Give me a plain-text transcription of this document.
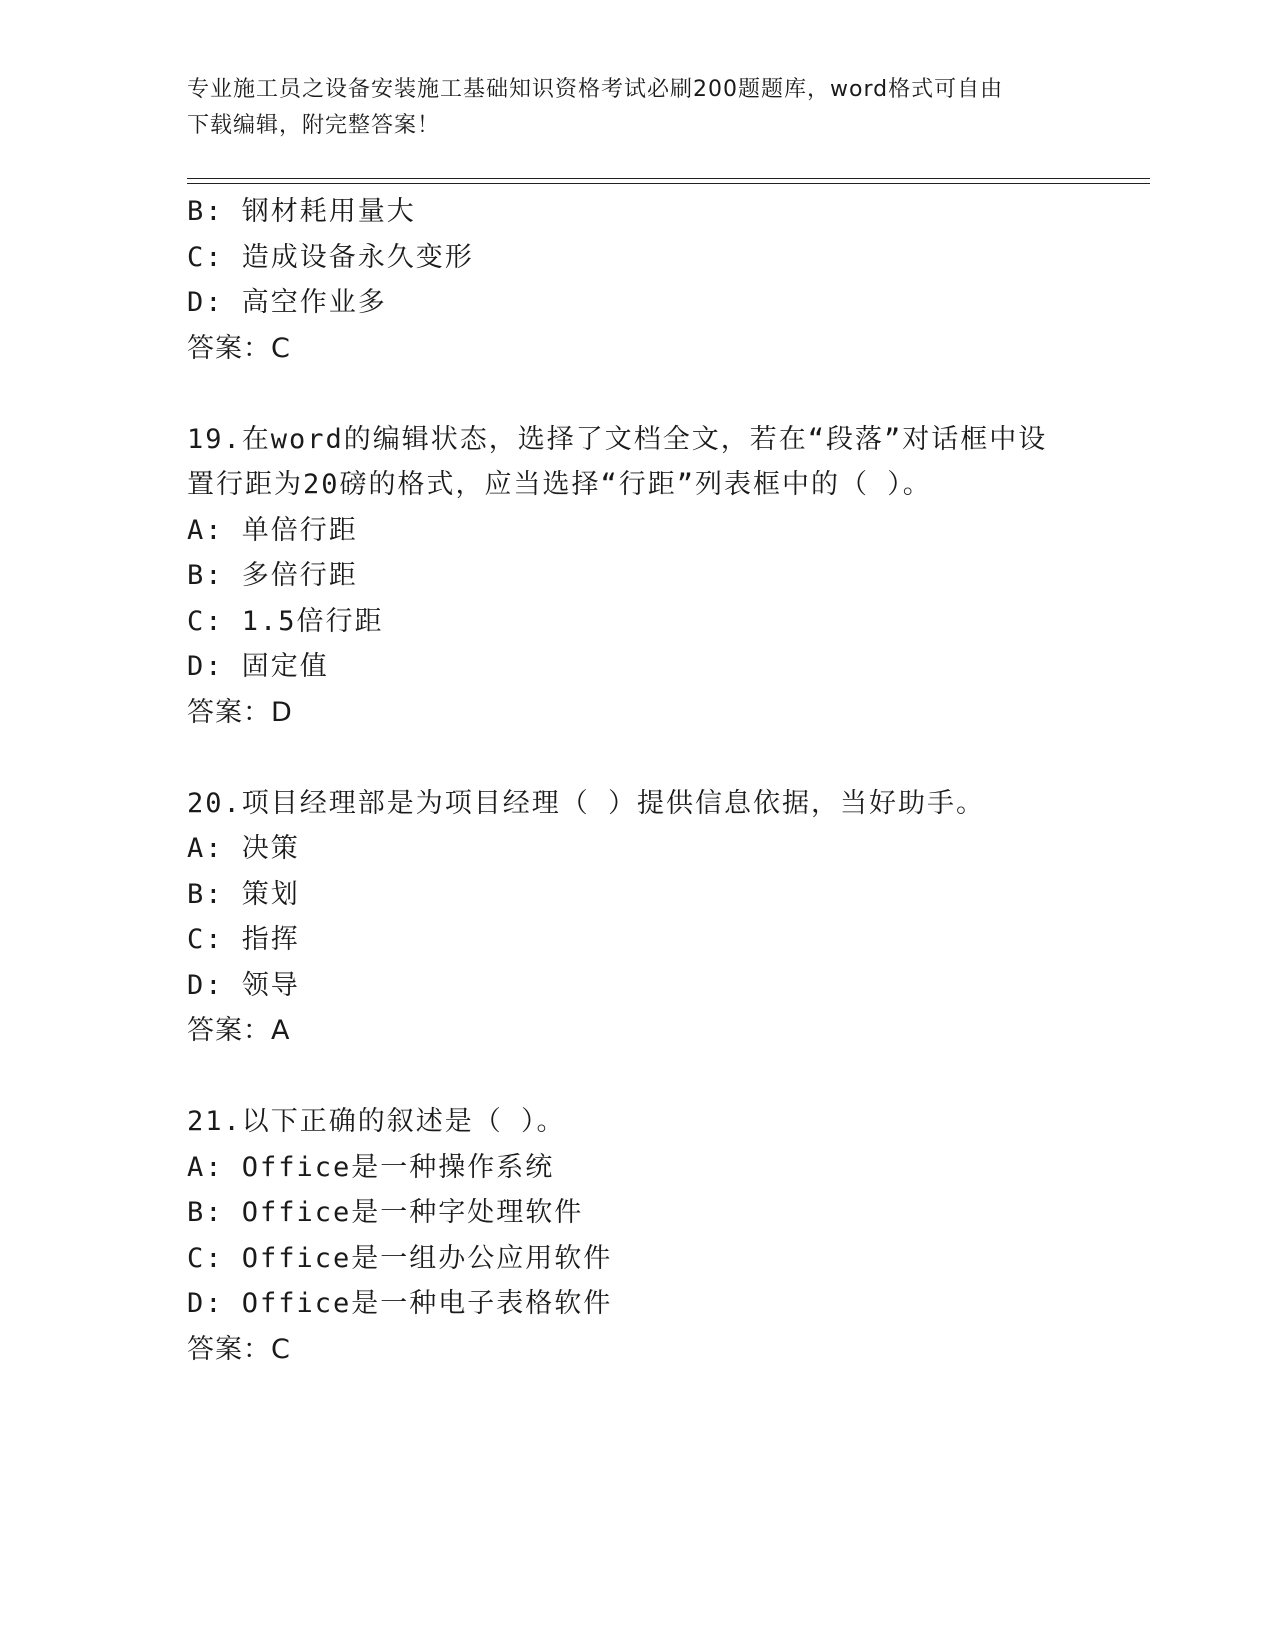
专业施工员之设备安装施工基础知识资格考试必刷200题题库，word格式可自由
下载编辑，附完整答案！
B: 钢材耗用量大
C: 造成设备永久变形
D: 高空作业多
答案：C
19.在word的编辑状态，选择了文档全文，若在“段落”对话框中设
置行距为20磅的格式，应当选择“行距”列表框中的（ ）。
A: 单倍行距
B: 多倍行距
C: 1.5倍行距
D: 固定值
答案：D
20.项目经理部是为项目经理（ ）提供信息依据，当好助手。
A: 决策
B: 策划
C: 指挥
D: 领导
答案：A
21.以下正确的叙述是（ ）。
A: Office是一种操作系统
B: Office是一种字处理软件
C: Office是一组办公应用软件
D: Office是一种电子表格软件
答案：C
